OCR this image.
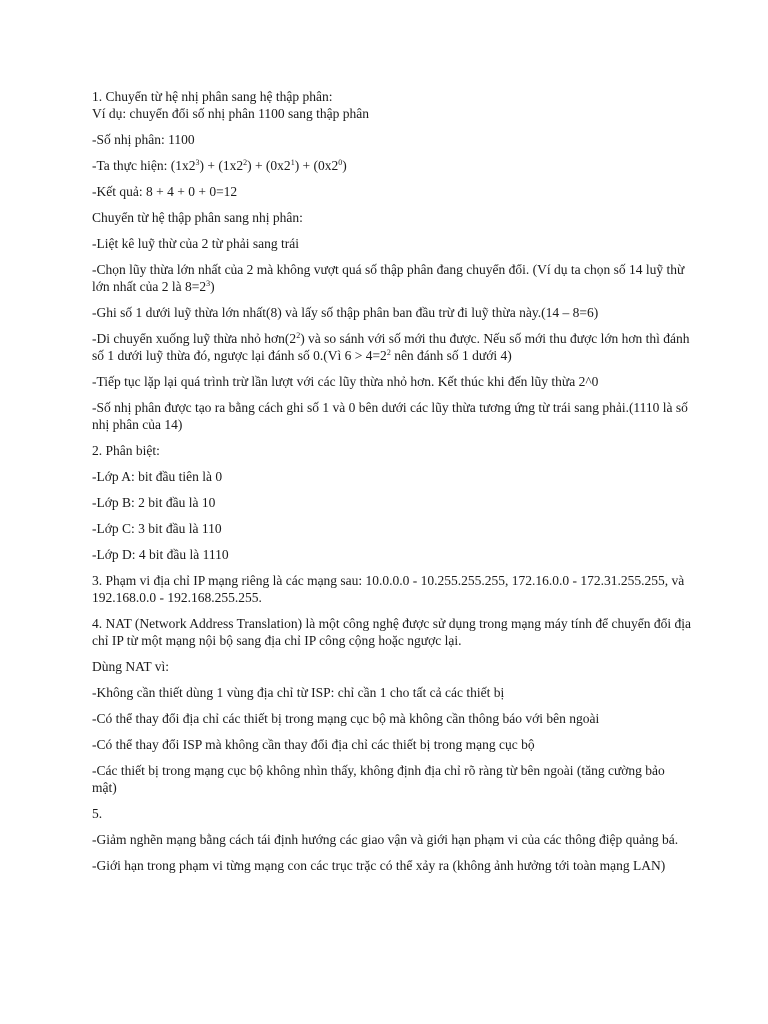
1. Chuyển từ hệ nhị phân sang hệ thập phân:

Ví dụ: chuyển đổi số nhị phân 1100 sang thập phân

-Số nhị phân: 1100

-Ta thực hiện: $(1x2^3) + (1x2^2) + (0x2^1) + (0x2^0)$

-Kết quả: 8 + 4 + 0 + 0=12

Chuyển từ hệ thập phân sang nhị phân:

-Liệt kê luỹ thừ của 2 từ phải sang trái

-Chọn lũy thừa lớn nhất của 2 mà không vượt quá số thập phân đang chuyển đổi. (Ví dụ ta chọn số 14 luỹ thừ lớn nhất của 2 là $8=2^3$)

-Ghi số 1 dưới luỹ thừa lớn nhất(8) và lấy số thập phân ban đầu trừ đi luỹ thừa này.(14 – 8=6)

-Di chuyển xuống luỹ thừa nhỏ $hơn(2^2)$ và so sánh với số mới thu được. Nếu số mới thu được lớn hơn thì đánh số 1 dưới luỹ thừa đó, ngược lại đánh số 0.(Vì $6 > 4=2^2$ nên đánh số 1 dưới 4)

-Tiếp tục lặp lại quá trình trừ lần lượt với các lũy thừa nhỏ hơn. Kết thúc khi đến lũy thừa 2^0

-Số nhị phân được tạo ra bằng cách ghi số 1 và 0 bên dưới các lũy thừa tương ứng từ trái sang phải.(1110 là số nhị phân của 14)

2. Phân biệt:

-Lớp A: bit đầu tiên là 0

-Lớp B: 2 bit đầu là 10

-Lớp C: 3 bit đầu là 110

-Lớp D: 4 bit đầu là 1110

3. Phạm vi địa chỉ IP mạng riêng là các mạng sau: 10.0.0.0 - 10.255.255.255, 172.16.0.0 - 172.31.255.255, và 192.168.0.0 - 192.168.255.255.

4. NAT (Network Address Translation) là một công nghệ được sử dụng trong mạng máy tính để chuyển đổi địa chỉ IP từ một mạng nội bộ sang địa chỉ IP công cộng hoặc ngược lại.

Dùng NAT vì:

-Không cần thiết dùng 1 vùng địa chỉ từ ISP: chỉ cần 1 cho tất cả các thiết bị

-Có thể thay đổi địa chỉ các thiết bị trong mạng cục bộ mà không cần thông báo với bên ngoài

-Có thể thay đổi ISP mà không cần thay đổi địa chỉ các thiết bị trong mạng cục bộ

-Các thiết bị trong mạng cục bộ không nhìn thấy, không định địa chỉ rõ ràng từ bên ngoài (tăng cường bảo mật)

5.

-Giảm nghẽn mạng bằng cách tái định hướng các giao vận và giới hạn phạm vi của các thông điệp quảng bá.

-Giới hạn trong phạm vi từng mạng con các trục trặc có thể xảy ra (không ảnh hưởng tới toàn mạng LAN)
